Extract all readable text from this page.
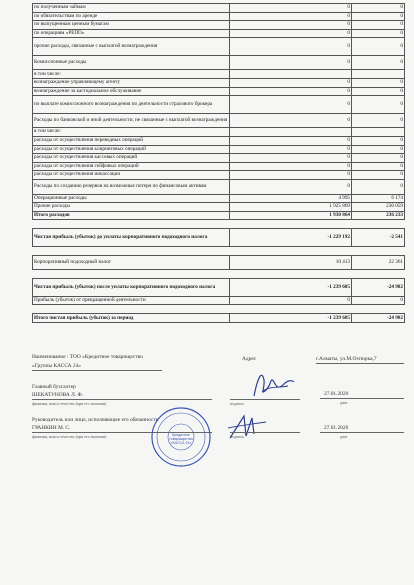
по полученным займам	0	0
по обязательствам по аренде	0	0
по выпущенным ценным бумагам	0	0
по операциям «РЕПО»	0	0
прочие расходы, связанные с выплатой вознаграждения	0	0
Комиссионные расходы	0	0
в том числе:		
вознаграждение управляющему агенту	0	0
вознаграждение за кастодиальное обслуживание	0	0
по выплате комиссионного вознаграждения по деятельности страхового брокера	0	0
Расходы по банковской и иной деятельности, не связанные с выплатой вознаграждения	0	0
в том числе:		
расходы от осуществления переводных операций	0	0
расходы от осуществления клиринговых операций	0	0
расходы от осуществления кассовых операций	0	0
расходы от осуществления сейфовых операций	0	0
расходы от осуществления инкассации	0	0
Расходы по созданию резервов на возможные потери по финансовым активам	0	0
Операционные расходы	4 995	6 174
Прочие расходы	1 925 869	230 059
Итого расходов	1 930 864	236 233

Чистая прибыль (убыток) до уплаты корпоративного подоходного налога	-1 229 192	-2 541

Корпоративный подоходный налог	10 413	22 361

Чистая прибыль (убыток) после уплаты корпоративного подоходного налога	-1 239 605	-24 902
Прибыль (убыток) от прекращенной деятельности	0	0

Итого чистая прибыль (убыток) за период	-1 239 605	-24 902
Наименование : ТОО «Кредитное товарищество
«Группы КАССА 24»
Адрес	г.Алматы, ул.М.Озтюрка,7
Главный бухгалтер
ШЕКАТУНОВА Л. Ф.
фамилия, имя и отчество (при его наличии)	подпись
27.01.2020
дата
Руководитель или лицо, исполняющее его обязанности
ГРАНКИН М. С.
фамилия, имя и отчество (при его наличии)	подпись
27.01.2020
дата
Кредитное
товарищество
«КАССА 24»
